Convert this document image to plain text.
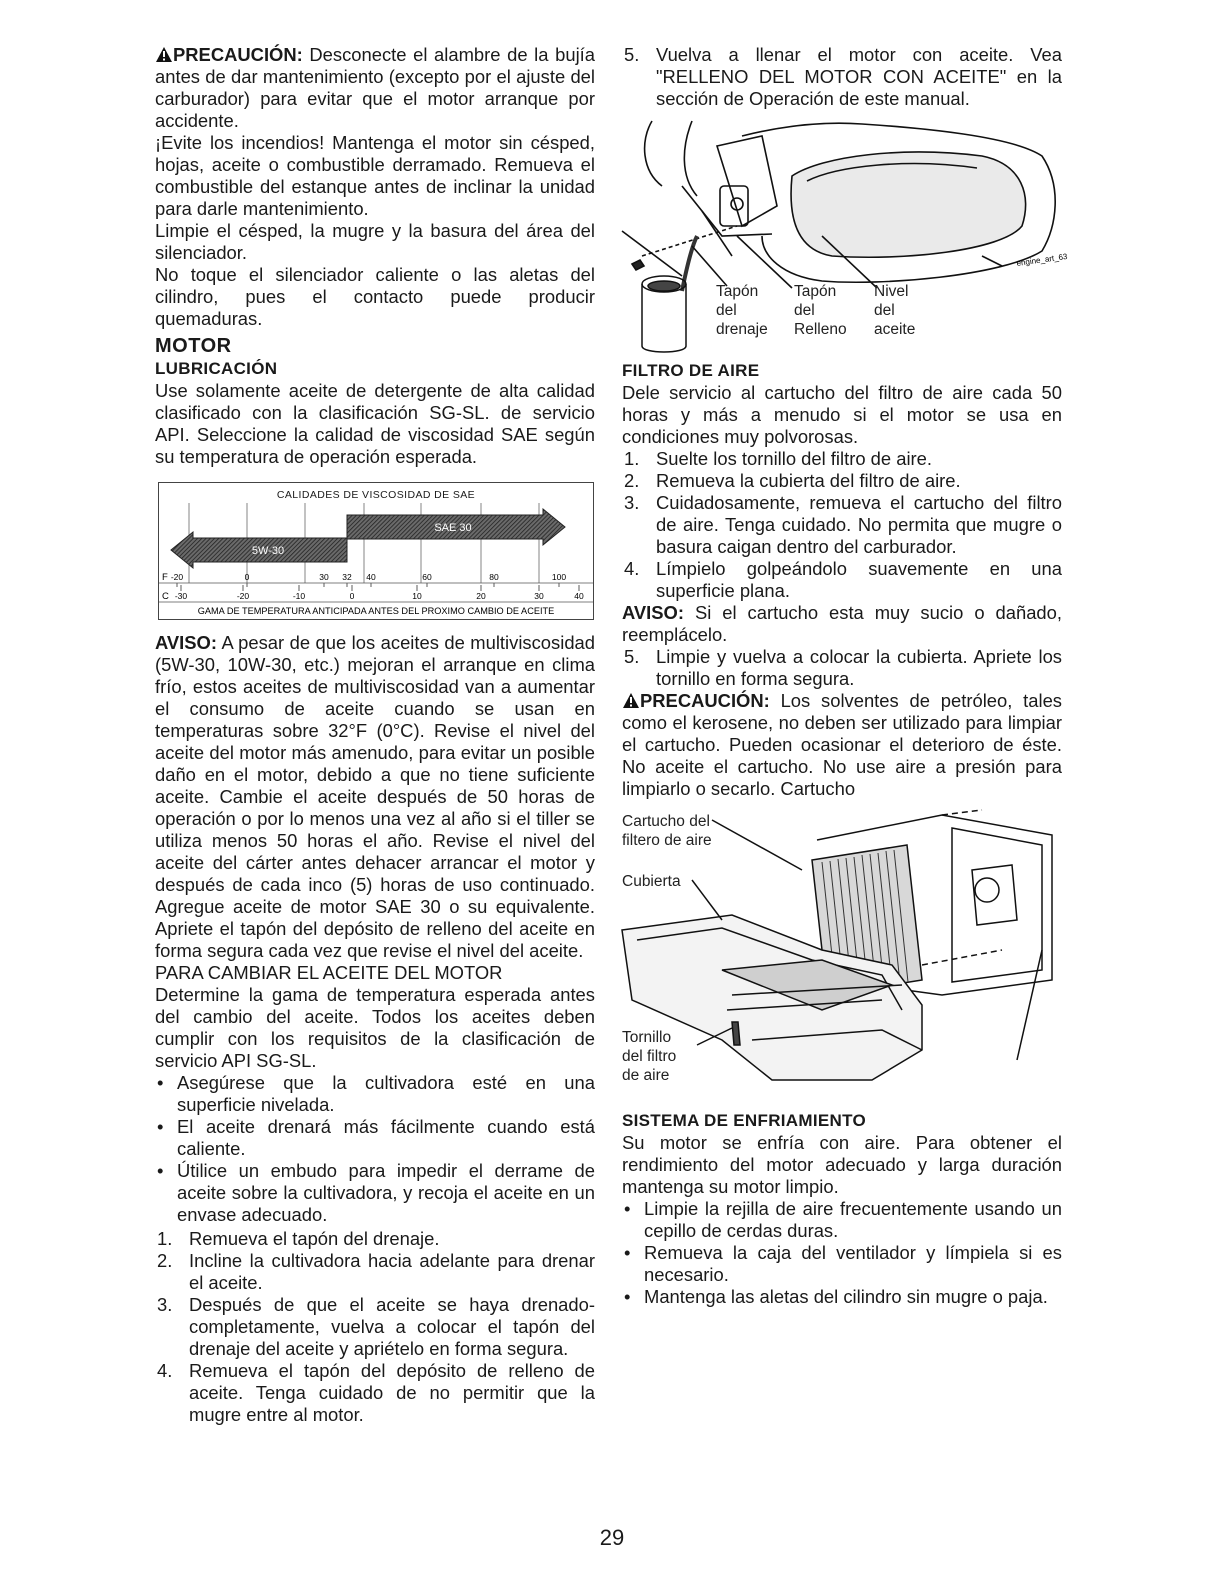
PRECAUCIÓN: Desconecte el alambre de la bujía antes de dar mantenimiento (excepto por el ajuste del carburador) para evitar que el motor arranque por accidente.

¡Evite los incendios! Mantenga el motor sin césped, hojas, aceite o combustible derramado. Remueva el combustible del estanque antes de inclinar la unidad para darle mantenimiento.

Limpie el césped, la mugre y la basura del área del silenciador.

No toque el silenciador caliente o las aletas del cilindro, pues el contacto puede producir quemaduras.

MOTOR
LUBRICACIÓN

Use solamente aceite de detergente de alta calidad clasificado con la clasificación SG-SL. de servicio API. Seleccione la calidad de viscosidad SAE según su temperatura de operación esperada.

CALIDADES DE VISCOSIDAD DE SAE
SAE 30
5W-30
-20	0	30 32 40	60	80	100
-30	-20	-10	0	10	20	30	40
F
C
GAMA DE TEMPERATURA ANTICIPADA ANTES DEL PROXIMO CAMBIO DE ACEITE

AVISO: A pesar de que los aceites de multiviscosidad (5W-30, 10W-30, etc.) mejoran el arranque en clima frío, estos aceites de multiviscosidad van a aumentar el consumo de aceite cuando se usan en temperaturas sobre 32°F (0°C). Revise el nivel del aceite del motor más amenudo, para evitar un posible daño en el motor, debido a que no tiene suficiente aceite. Cambie el aceite después de 50 horas de operación o por lo menos una vez al año si el tiller se utiliza menos 50 horas el año. Revise el nivel del aceite del cárter antes dehacer arrancar el motor y después de cada inco (5) horas de uso continuado. Agregue aceite de motor SAE 30 o su equivalente. Apriete el tapón del depósito de relleno del aceite en forma segura cada vez que revise el nivel del aceite.

PARA CAMBIAR EL ACEITE DEL MOTOR

Determine la gama de temperatura esperada antes del cambio del aceite. Todos los aceites deben cumplir con los requisitos de la clasificación de servicio API SG-SL.

• Asegúrese que la cultivadora esté en una superficie nivelada.
• El aceite drenará más fácilmente cuando está caliente.
• Útilice un embudo para impedir el derrame de aceite sobre la cultivadora, y recoja el aceite en un envase adecuado.
1. Remueva el tapón del drenaje.
2. Incline la cultivadora hacia adelante para drenar el aceite.
3. Después de que el aceite se haya drenado- completamente, vuelva a colocar el tapón del drenaje del aceite y apriételo en forma segura.
4. Remueva el tapón del depósito de relleno de aceite. Tenga cuidado de no permitir que la mugre entre al motor.
5. Vuelva a llenar el motor con aceite. Vea "RELLENO DEL MOTOR CON ACEITE" en la sección de Operación de este manual.
engine_art_63
Tapón
del
drenaje
Tapón
del
Relleno
Nivel
del
aceite
FILTRO DE AIRE

Dele servicio al cartucho del filtro de aire cada 50 horas y más a menudo si el motor se usa en condiciones muy polvorosas.

1. Suelte los tornillo del filtro de aire.
2. Remueva la cubierta del filtro de aire.
3. Cuidadosamente, remueva el cartucho del filtro de aire. Tenga cuidado. No permita que mugre o basura caigan dentro del carburador.
4. Límpielo golpeándolo suavemente en una superficie plana.

AVISO: Si el cartucho esta muy sucio o dañado, reemplácelo.

5. Limpie y vuelva a colocar la cubierta. Apriete los tornillo en forma segura.

PRECAUCIÓN: Los solventes de petróleo, tales como el kerosene, no deben ser utilizado para limpiar el cartucho. Pueden ocasionar el deterioro de éste. No aceite el cartucho. No use aire a presión para limpiarlo o secarlo. Cartucho

Cartucho del
filtero de aire
Cubierta
Tornillo
del filtro
de aire
SISTEMA DE ENFRIAMIENTO

Su motor se enfría con aire. Para obtener el rendimiento del motor adecuado y larga duración mantenga su motor limpio.

• Limpie la rejilla de aire frecuentemente usando un cepillo de cerdas duras.
• Remueva la caja del ventilador y límpiela si es necesario.
• Mantenga las aletas del cilindro sin mugre o paja.
29
